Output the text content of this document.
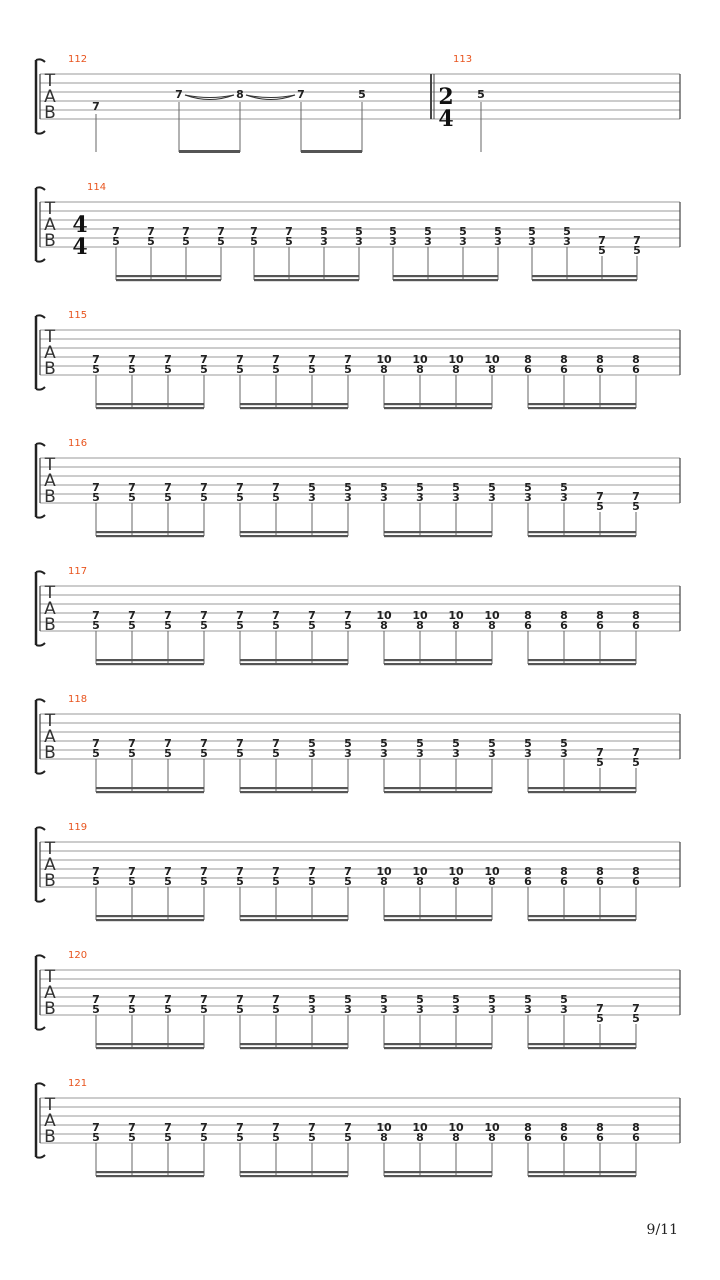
T
A
B
112	113
7
7	8	7	5	5
2
4
T
A
B
114
4
4
7
5
7
5
7
5
7
5
7
5
7
5
5
3
5
3
5
3
5
3
5
3
5
3
5
3
5
3 7
5
7
5
T
A
B
115
7
5
7
5
7
5
7
5
7
5
7
5
7
5
7
5
10
8
10
8
10
8
10
8
8
6
8
6
8
6
8
6
T
A
B
116
7
5
7
5
7
5
7
5
7
5
7
5
5
3
5
3
5
3
5
3
5
3
5
3
5
3
5
3	7
5
7
5
T
A
B
117
7
5
7
5
7
5
7
5
7
5
7
5
7
5
7
5
10
8
10
8
10
8
10
8
8
6
8
6
8
6
8
6
T
A
B
118
7
5
7
5
7
5
7
5
7
5
7
5
5
3
5
3
5
3
5
3
5
3
5
3
5
3
5
3	7
5
7
5
T
A
B
119
7
5
7
5
7
5
7
5
7
5
7
5
7
5
7
5
10
8
10
8
10
8
10
8
8
6
8
6
8
6
8
6
T
A
B
120
7
5
7
5
7
5
7
5
7
5
7
5
5
3
5
3
5
3
5
3
5
3
5
3
5
3
5
3	7
5
7
5
T
A
B
121
7
5
7
5
7
5
7
5
7
5
7
5
7
5
7
5
10
8
10
8
10
8
10
8
8
6
8
6
8
6
8
6
9/11
